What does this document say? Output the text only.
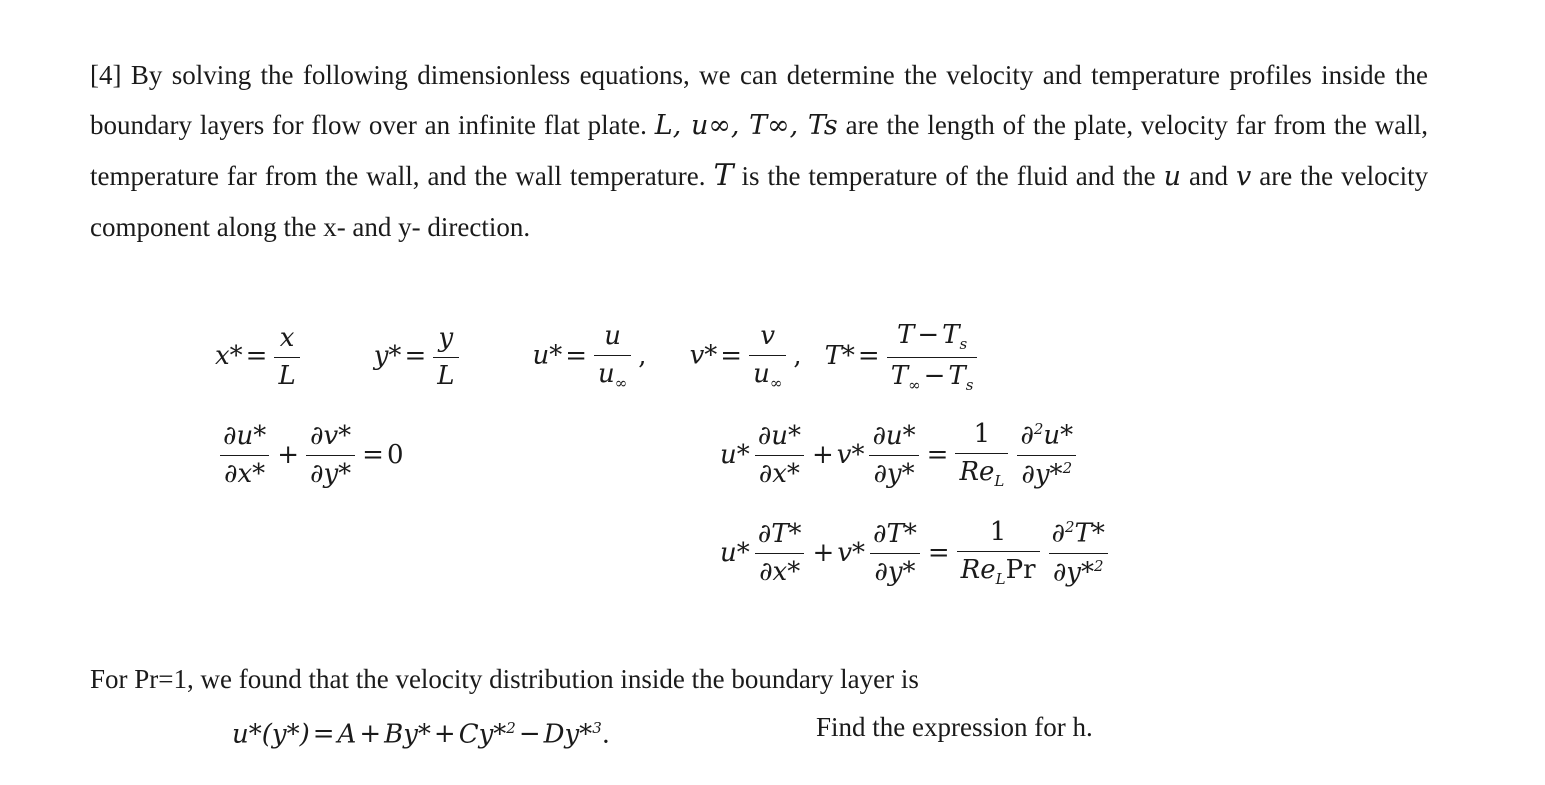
[4] By solving the following dimensionless equations, we can determine the velocity and temperature profiles inside the boundary layers for flow over an infinite flat plate. L, u∞, T∞, Ts are the length of the plate, velocity far from the wall, temperature far from the wall, and the wall temperature. T is the temperature of the fluid and the u and v are the velocity component along the x- and y- direction.
$x* = \frac{x}{L}$	$y* = \frac{y}{L}$	$u* = \frac{u}{u_\infty}$ , $v* = \frac{v}{u_\infty}$ , $T* = \frac{T - T_s}{T_\infty - T_s}$
$\frac{\partial u*}{\partial x*} + \frac{\partial v*}{\partial y*} = 0$	$u* \frac{\partial u*}{\partial x*} + v* \frac{\partial u*}{\partial y*} = \frac{1}{Re_L} \frac{\partial^2u*}{\partial y*^2}$
$u* \frac{\partial T*}{\partial x*} + v* \frac{\partial T*}{\partial y*} = \frac{1}{Re_LPr} \frac{\partial^2T*}{\partial y*^2}$
For Pr=1, we found that the velocity distribution inside the boundary layer is
u*(y*) = A + By* + Cy*$^2$ − Dy*$^3$.	Find the expression for h.
